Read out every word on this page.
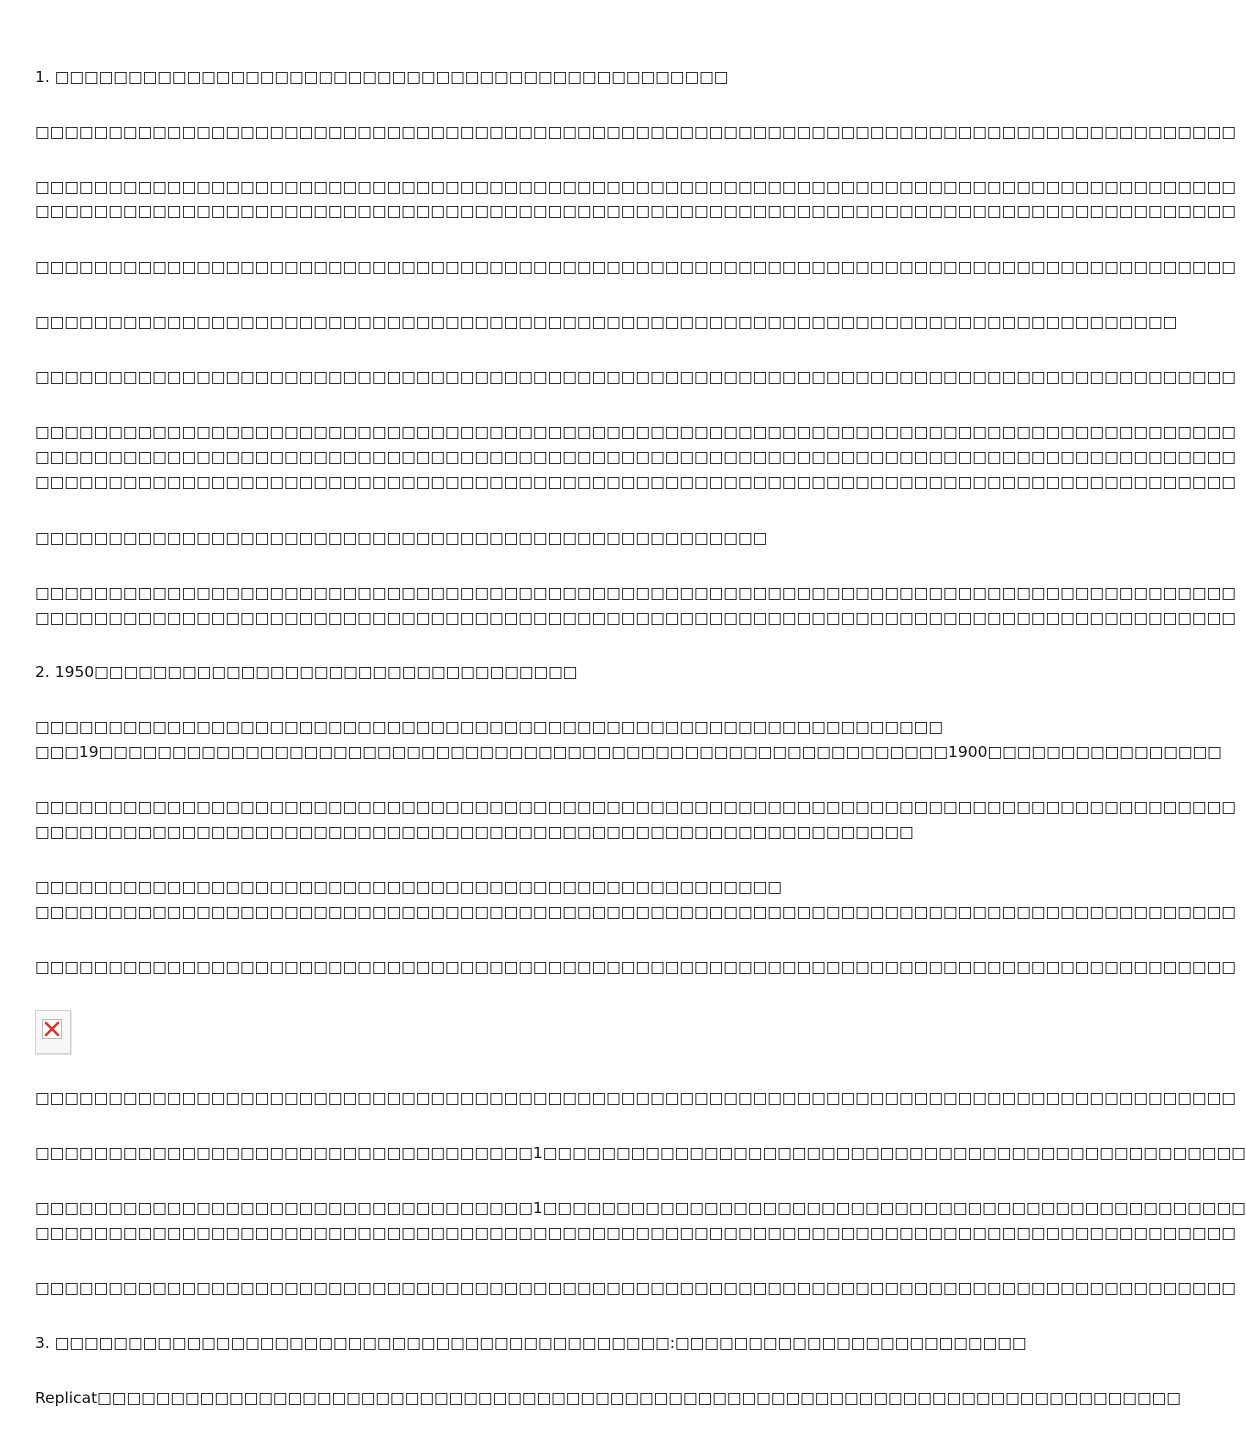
1. □□□□□□□□□□□□□□□□□□□□□□□□□□□□□□□□□□□□□□□□□□□□□□
□□□□□□□□□□□□□□□□□□□□□□□□□□□□□□□□□□□□□□□□□□□□□□□□□□□□□□□□□□□□□□□□□□□□□□□□□□□□□□□□□□
□□□□□□□□□□□□□□□□□□□□□□□□□□□□□□□□□□□□□□□□□□□□□□□□□□□□□□□□□□□□□□□□□□□□□□□□□□□□□□□□□□
□□□□□□□□□□□□□□□□□□□□□□□□□□□□□□□□□□□□□□□□□□□□□□□□□□□□□□□□□□□□□□□□□□□□□□□□□□□□□□□□□□
□□□□□□□□□□□□□□□□□□□□□□□□□□□□□□□□□□□□□□□□□□□□□□□□□□□□□□□□□□□□□□□□□□□□□□□□□□□□□□□□□□
□□□□□□□□□□□□□□□□□□□□□□□□□□□□□□□□□□□□□□□□□□□□□□□□□□□□□□□□□□□□□□□□□□□□□□□□□□□□□□
□□□□□□□□□□□□□□□□□□□□□□□□□□□□□□□□□□□□□□□□□□□□□□□□□□□□□□□□□□□□□□□□□□□□□□□□□□□□□□□□□□
□□□□□□□□□□□□□□□□□□□□□□□□□□□□□□□□□□□□□□□□□□□□□□□□□□□□□□□□□□□□□□□□□□□□□□□□□□□□□□□□□□
□□□□□□□□□□□□□□□□□□□□□□□□□□□□□□□□□□□□□□□□□□□□□□□□□□□□□□□□□□□□□□□□□□□□□□□□□□□□□□□□□□
□□□□□□□□□□□□□□□□□□□□□□□□□□□□□□□□□□□□□□□□□□□□□□□□□□□□□□□□□□□□□□□□□□□□□□□□□□□□□□□□□□
□□□□□□□□□□□□□□□□□□□□□□□□□□□□□□□□□□□□□□□□□□□□□□□□□□
□□□□□□□□□□□□□□□□□□□□□□□□□□□□□□□□□□□□□□□□□□□□□□□□□□□□□□□□□□□□□□□□□□□□□□□□□□□□□□□□□□
□□□□□□□□□□□□□□□□□□□□□□□□□□□□□□□□□□□□□□□□□□□□□□□□□□□□□□□□□□□□□□□□□□□□□□□□□□□□□□□□□□
2. 1950□□□□□□□□□□□□□□□□□□□□□□□□□□□□□□□□□
□□□□□□□□□□□□□□□□□□□□□□□□□□□□□□□□□□□□□□□□□□□□□□□□□□□□□□□□□□□□□□
□□□19□□□□□□□□□□□□□□□□□□□□□□□□□□□□□□□□□□□□□□□□□□□□□□□□□□□□□□□□□□1900□□□□□□□□□□□□□□□□
□□□□□□□□□□□□□□□□□□□□□□□□□□□□□□□□□□□□□□□□□□□□□□□□□□□□□□□□□□□□□□□□□□□□□□□□□□□□□□□□□□
□□□□□□□□□□□□□□□□□□□□□□□□□□□□□□□□□□□□□□□□□□□□□□□□□□□□□□□□□□□□
□□□□□□□□□□□□□□□□□□□□□□□□□□□□□□□□□□□□□□□□□□□□□□□□□□□
□□□□□□□□□□□□□□□□□□□□□□□□□□□□□□□□□□□□□□□□□□□□□□□□□□□□□□□□□□□□□□□□□□□□□□□□□□□□□□□□□□
□□□□□□□□□□□□□□□□□□□□□□□□□□□□□□□□□□□□□□□□□□□□□□□□□□□□□□□□□□□□□□□□□□□□□□□□□□□□□□□□□□
□□□□□□□□□□□□□□□□□□□□□□□□□□□□□□□□□□□□□□□□□□□□□□□□□□□□□□□□□□□□□□□□□□□□□□□□□□□□□□□□□□
□□□□□□□□□□□□□□□□□□□□□□□□□□□□□□□□□□1□□□□□□□□□□□□□□□□□□□□□□□□□□□□□□□□□□□□□□□□□□□□□□□□
□□□□□□□□□□□□□□□□□□□□□□□□□□□□□□□□□□1□□□□□□□□□□□□□□□□□□□□□□□□□□□□□□□□□□□□□□□□□□□□□□□□
□□□□□□□□□□□□□□□□□□□□□□□□□□□□□□□□□□□□□□□□□□□□□□□□□□□□□□□□□□□□□□□□□□□□□□□□□□□□□□□□□□
□□□□□□□□□□□□□□□□□□□□□□□□□□□□□□□□□□□□□□□□□□□□□□□□□□□□□□□□□□□□□□□□□□□□□□□□□□□□□□□□□□
3. □□□□□□□□□□□□□□□□□□□□□□□□□□□□□□□□□□□□□□□□□□:□□□□□□□□□□□□□□□□□□□□□□□□
Replicat□□□□□□□□□□□□□□□□□□□□□□□□□□□□□□□□□□□□□□□□□□□□□□□□□□□□□□□□□□□□□□□□□□□□□□□□□□
